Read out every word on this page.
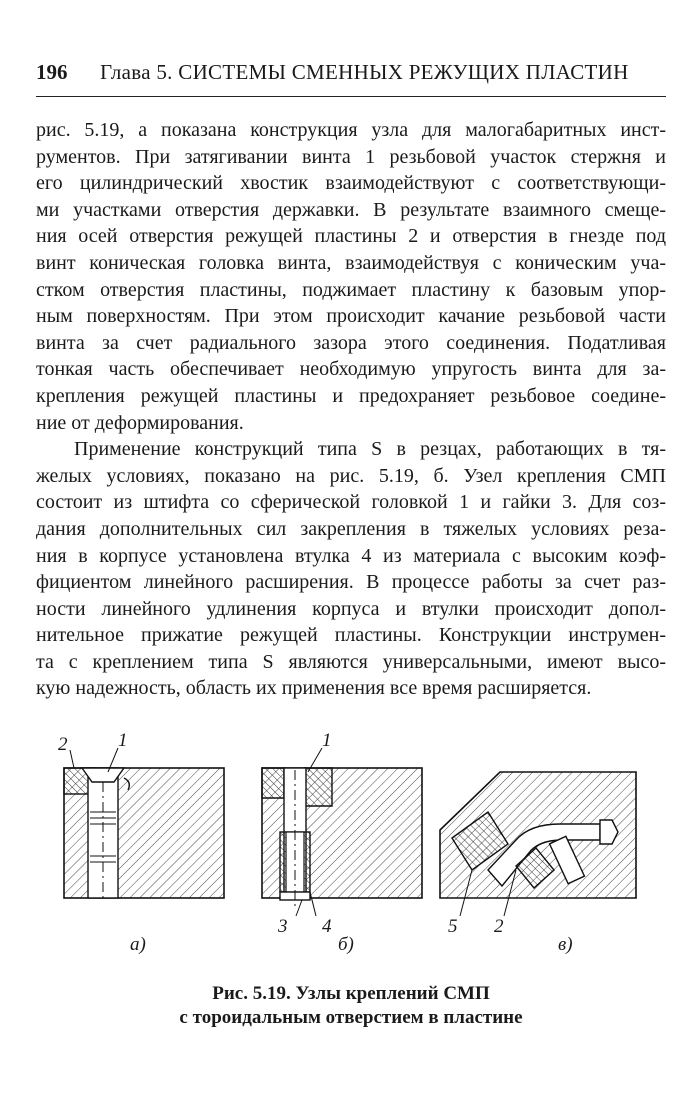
196 Глава 5. СИСТЕМЫ СМЕННЫХ РЕЖУЩИХ ПЛАСТИН
рис. 5.19, а показана конструкция узла для малогабаритных инст-
рументов. При затягивании винта 1 резьбовой участок стержня и
его цилиндрический хвостик взаимодействуют с соответствующи-
ми участками отверстия державки. В результате взаимного смеще-
ния осей отверстия режущей пластины 2 и отверстия в гнезде под
винт коническая головка винта, взаимодействуя с коническим уча-
стком отверстия пластины, поджимает пластину к базовым упор-
ным поверхностям. При этом происходит качание резьбовой части
винта за счет радиального зазора этого соединения. Податливая
тонкая часть обеспечивает необходимую упругость винта для за-
крепления режущей пластины и предохраняет резьбовое соедине-
ние от деформирования.
Применение конструкций типа S в резцах, работающих в тя-
желых условиях, показано на рис. 5.19, б. Узел крепления СМП
состоит из штифта со сферической головкой 1 и гайки 3. Для соз-
дания дополнительных сил закрепления в тяжелых условиях реза-
ния в корпусе установлена втулка 4 из материала с высоким коэф-
фициентом линейного расширения. В процессе работы за счет раз-
ности линейного удлинения корпуса и втулки происходит допол-
нительное прижатие режущей пластины. Конструкции инструмен-
та с креплением типа S являются универсальными, имеют высо-
кую надежность, область их применения все время расширяется.
2	1	1
3 4	5 2
а)	б)	в)
Рис. 5.19. Узлы креплений СМП
с тороидальным отверстием в пластине
